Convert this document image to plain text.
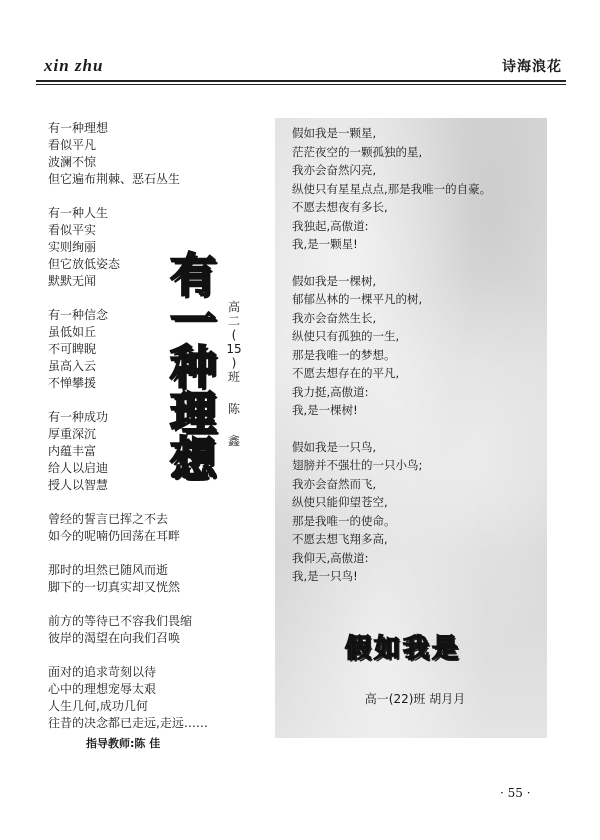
xin zhu	诗海浪花
有一种理想
看似平凡
波澜不惊
但它遍布荆棘、恶石丛生
有一种人生
看似平实
实则绚丽
但它放低姿态
默默无闻
有一种信念
虽低如丘
不可睥睨
虽高入云
不惮攀援
有一种成功
厚重深沉
内蕴丰富
给人以启迪
授人以智慧
曾经的誓言已挥之不去
如今的呢喃仍回荡在耳畔
那时的坦然已随风而逝
脚下的一切真实却又恍然
前方的等待已不容我们畏缩
彼岸的渴望在向我们召唤
面对的追求苛刻以待
心中的理想宠辱太艰
人生几何,成功几何
往昔的决念都已走远,走远……
有
一
种
理
想
高
二
(
15
)
班
陈
鑫
指导教师:陈 佳
假如我是一颗星,
茫茫夜空的一颗孤独的星,
我亦会奋然闪亮,
纵使只有星星点点,那是我唯一的自豪。
不愿去想夜有多长,
我独起,高傲道:
我,是一颗星!
假如我是一棵树,
郁郁丛林的一棵平凡的树,
我亦会奋然生长,
纵使只有孤独的一生,
那是我唯一的梦想。
不愿去想存在的平凡,
我力挺,高傲道:
我,是一棵树!
假如我是一只鸟,
翅膀并不强壮的一只小鸟;
我亦会奋然而飞,
纵使只能仰望苍空,
那是我唯一的使命。
不愿去想飞翔多高,
我仰天,高傲道:
我,是一只鸟!
假如我是
高一(22)班 胡月月
· 55 ·
